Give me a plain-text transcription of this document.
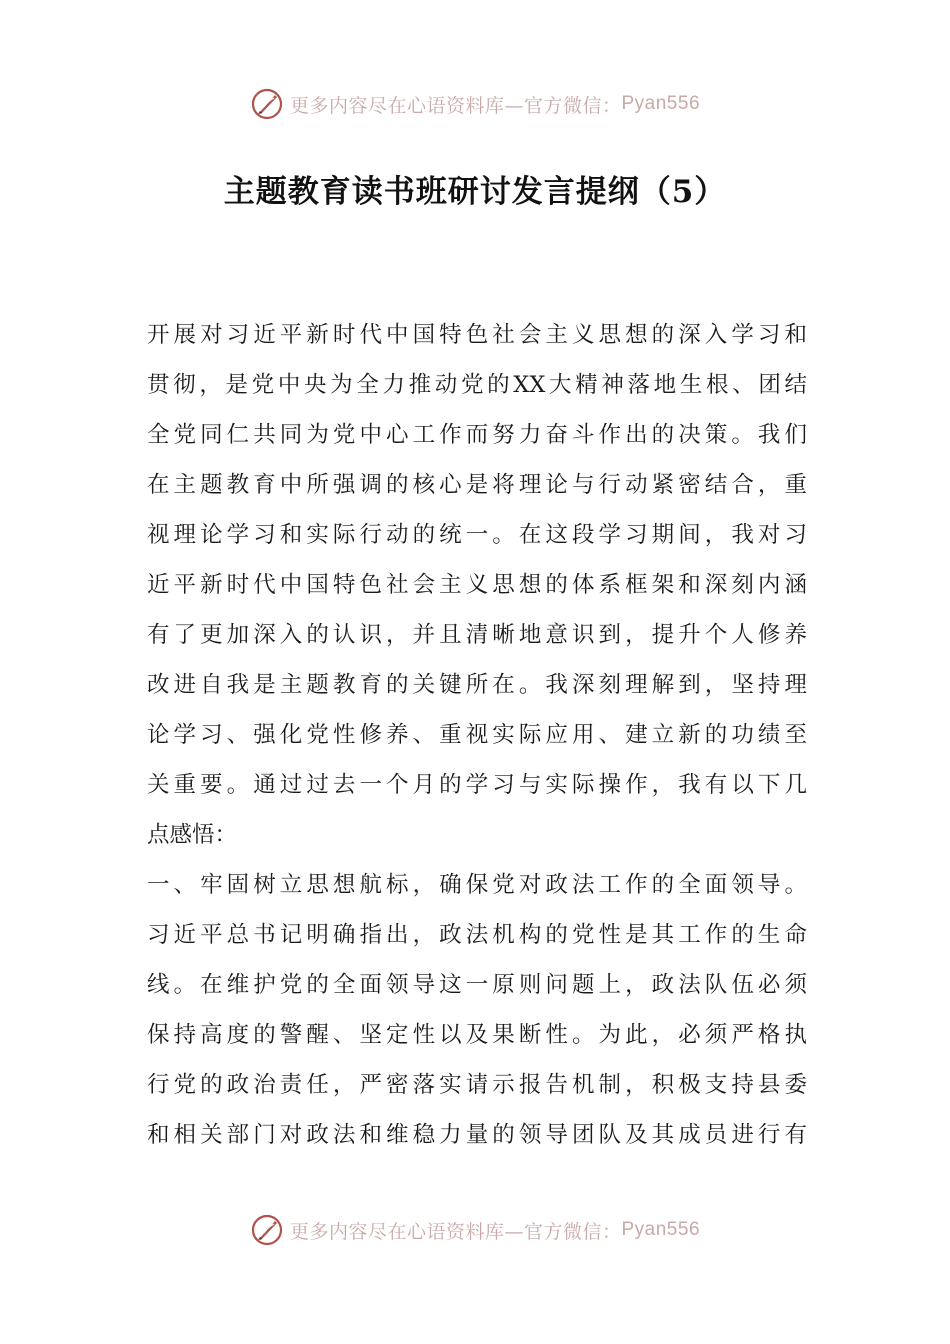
更多内容尽在心语资料库—官方微信： Pyan556
主题教育读书班研讨发言提纲（5）
开展对习近平新时代中国特色社会主义思想的深入学习和
贯彻，是党中央为全力推动党的XX大精神落地生根、团结
全党同仁共同为党中心工作而努力奋斗作出的决策。我们
在主题教育中所强调的核心是将理论与行动紧密结合，重
视理论学习和实际行动的统一。在这段学习期间，我对习
近平新时代中国特色社会主义思想的体系框架和深刻内涵
有了更加深入的认识，并且清晰地意识到，提升个人修养
改进自我是主题教育的关键所在。我深刻理解到，坚持理
论学习、强化党性修养、重视实际应用、建立新的功绩至
关重要。通过过去一个月的学习与实际操作，我有以下几
点感悟：
一、牢固树立思想航标，确保党对政法工作的全面领导。
习近平总书记明确指出，政法机构的党性是其工作的生命
线。在维护党的全面领导这一原则问题上，政法队伍必须
保持高度的警醒、坚定性以及果断性。为此，必须严格执
行党的政治责任，严密落实请示报告机制，积极支持县委
和相关部门对政法和维稳力量的领导团队及其成员进行有
更多内容尽在心语资料库—官方微信： Pyan556
